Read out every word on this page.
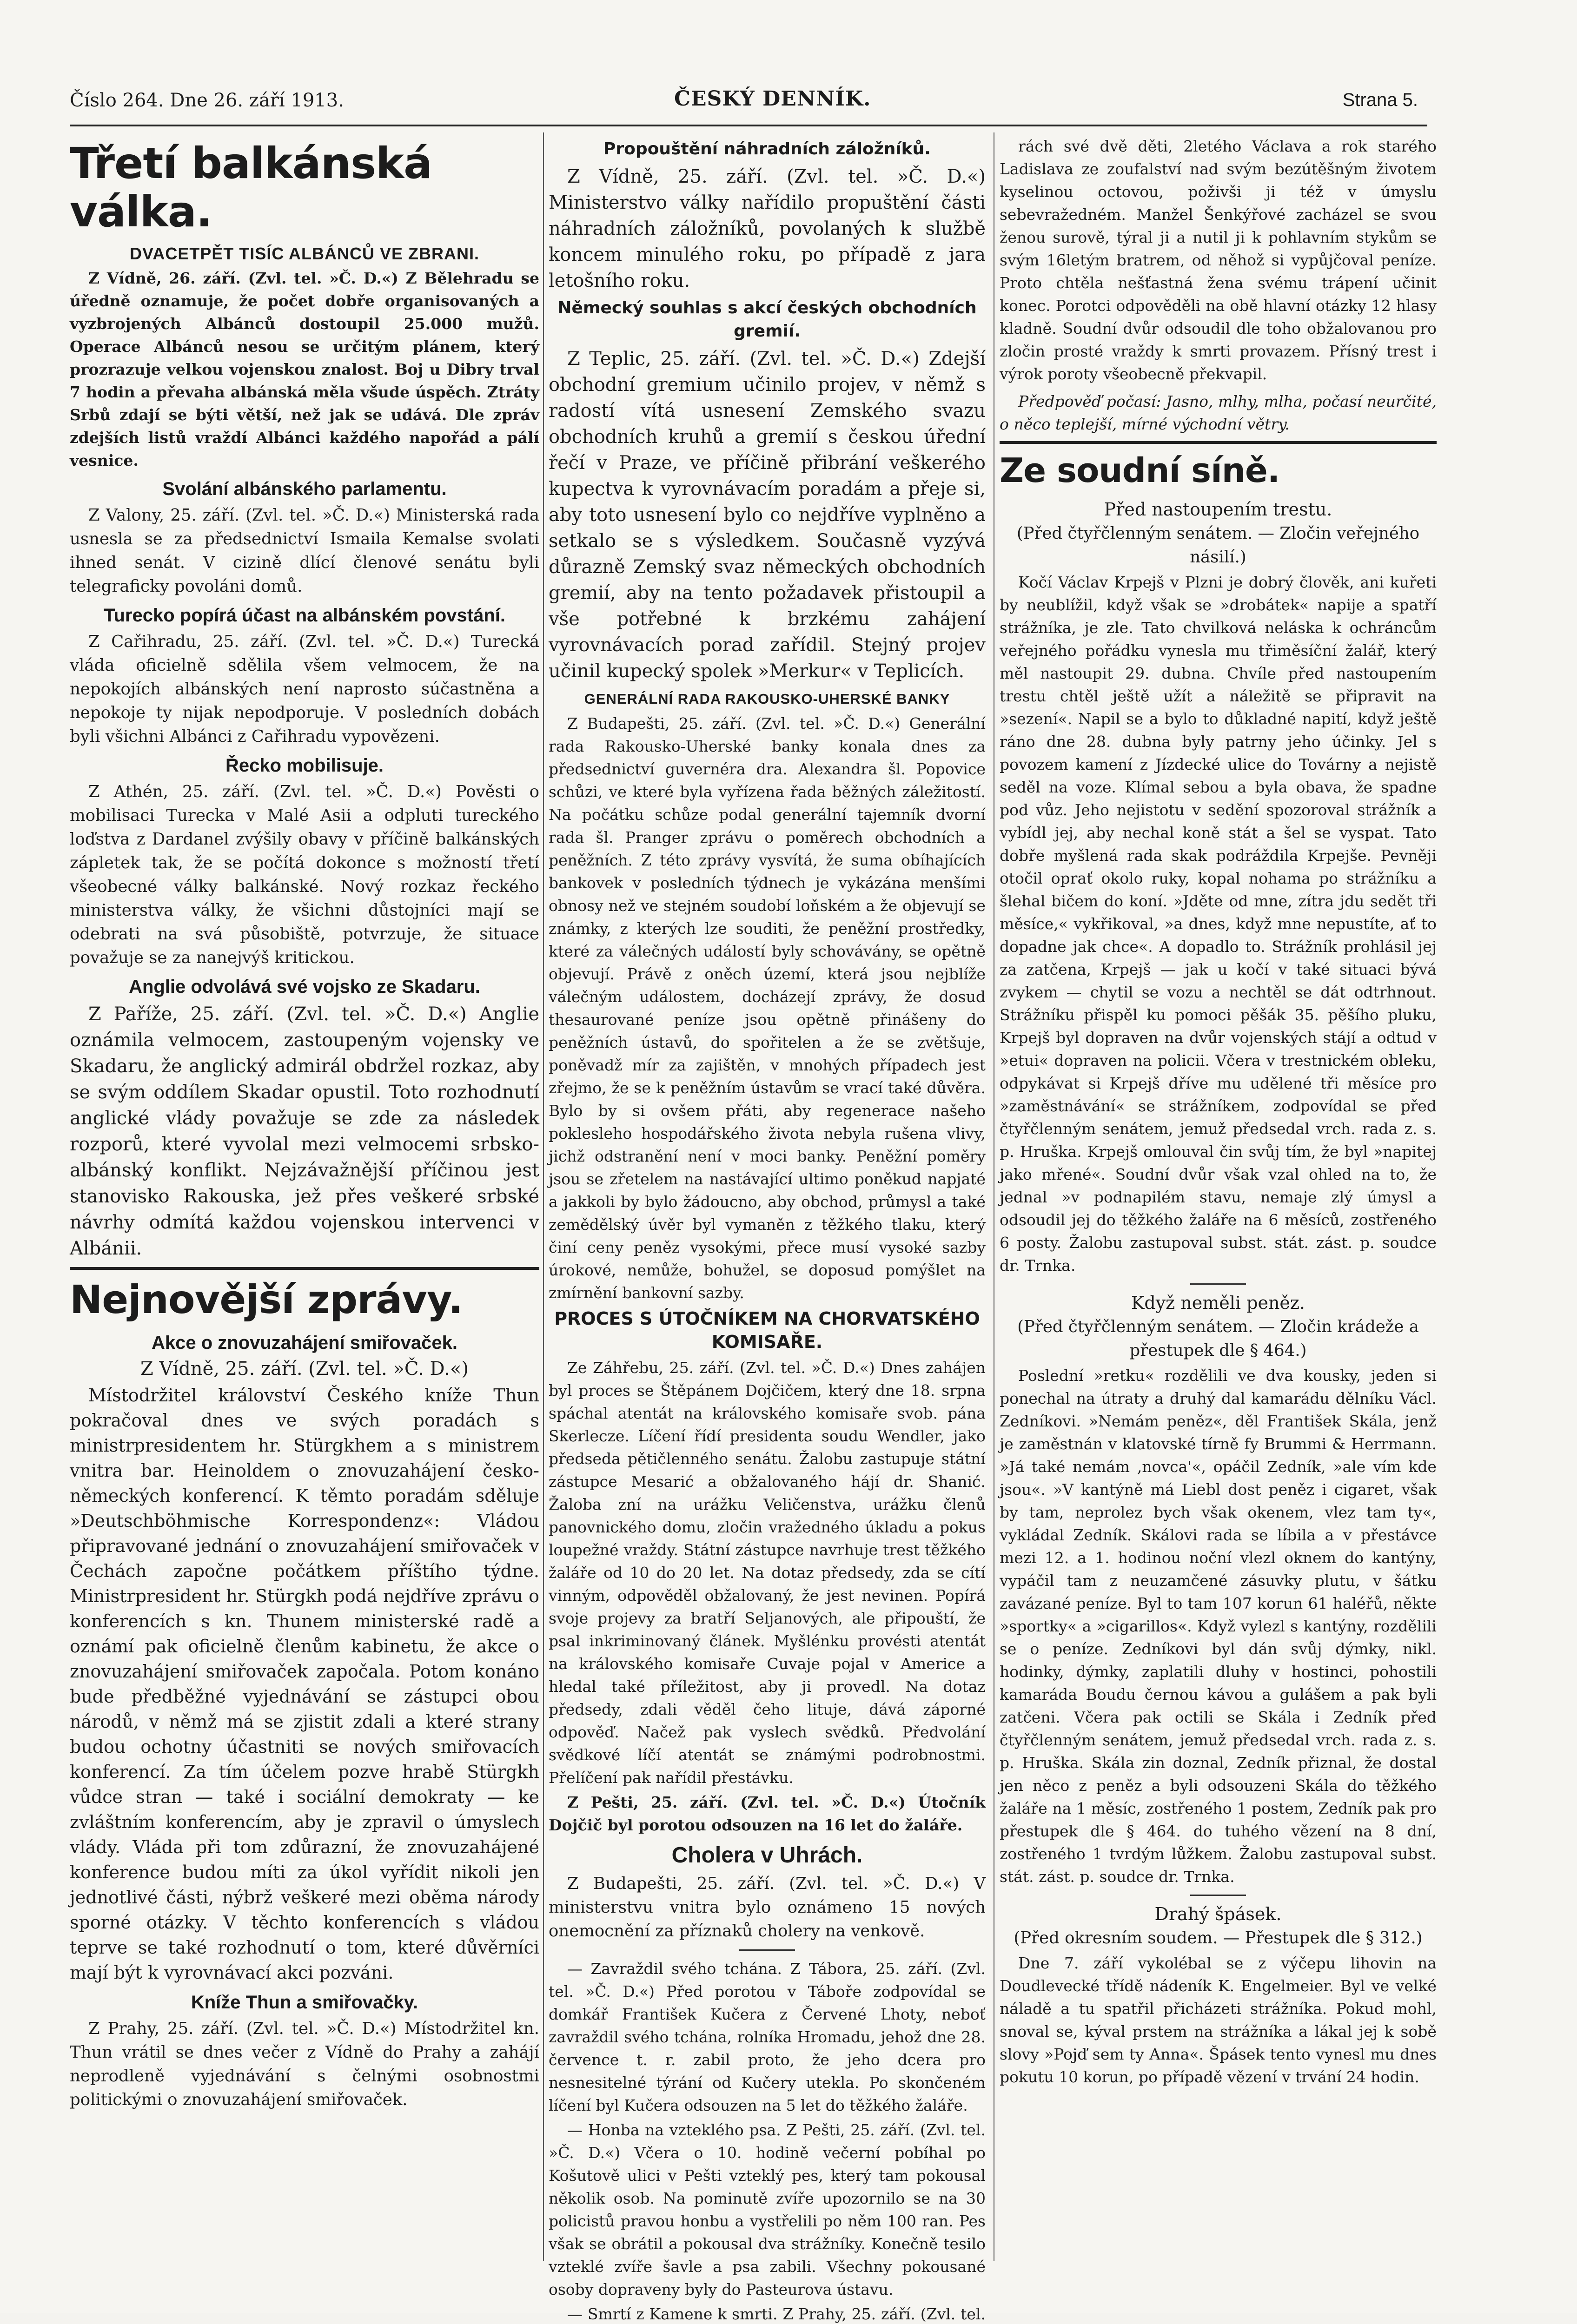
Číslo 264. Dne 26. září 1913.	ČESKÝ DENNÍK.	Strana 5.
Třetí balkánská válka.
DVACETPĚT TISÍC ALBÁNCŮ VE ZBRANI.

Z Vídně, 26. září. (Zvl. tel. »Č. D.«) Z Bělehradu se úředně oznamuje, že počet dobře organisovaných a vyzbrojených Albánců dostoupil 25.000 mužů. Operace Albánců nesou se určitým plánem, který prozrazuje velkou vojenskou znalost. Boj u Dibry trval 7 hodin a převaha albánská měla všude úspěch. Ztráty Srbů zdají se býti větší, než jak se udává. Dle zpráv zdejších listů vraždí Albánci každého napořád a pálí vesnice.

Svolání albánského parlamentu.

Z Valony, 25. září. (Zvl. tel. »Č. D.«) Ministerská rada usnesla se za předsednictví Ismaila Kemalse svolati ihned senát. V cizině dlící členové senátu byli telegraficky povoláni domů.

Turecko popírá účast na albánském povstání.

Z Cařihradu, 25. září. (Zvl. tel. »Č. D.«) Turecká vláda oficielně sdělila všem velmocem, že na nepokojích albánských není naprosto súčastněna a nepokoje ty nijak nepodporuje. V posledních dobách byli všichni Albánci z Cařihradu vypovězeni.

Řecko mobilisuje.

Z Athén, 25. září. (Zvl. tel. »Č. D.«) Pověsti o mobilisaci Turecka v Malé Asii a odpluti tureckého loďstva z Dardanel zvýšily obavy v příčině balkánských zápletek tak, že se počítá dokonce s možností třetí všeobecné války balkánské. Nový rozkaz řeckého ministerstva války, že všichni důstojníci mají se odebrati na svá působiště, potvrzuje, že situace považuje se za nanejvýš kritickou.

Anglie odvolává své vojsko ze Skadaru.

Z Paříže, 25. září. (Zvl. tel. »Č. D.«) Anglie oznámila velmocem, zastoupeným vojensky ve Skadaru, že anglický admirál obdržel rozkaz, aby se svým oddílem Skadar opustil. Toto rozhodnutí anglické vlády považuje se zde za následek rozporů, které vyvolal mezi velmocemi srbsko-albánský konflikt. Nejzávažnější příčinou jest stanovisko Rakouska, jež přes veškeré srbské návrhy odmítá každou vojenskou intervenci v Albánii.

Nejnovější zprávy.
Akce o znovuzahájení smiřovaček.

Z Vídně, 25. září. (Zvl. tel. »Č. D.«)

Místodržitel království Českého kníže Thun pokračoval dnes ve svých poradách s ministrpresidentem hr. Stürgkhem a s ministrem vnitra bar. Heinoldem o znovuzahájení česko-německých konferencí. K těmto poradám sděluje »Deutschböhmische Korrespondenz«: Vládou připravované jednání o znovuzahájení smiřovaček v Čechách započne počátkem příštího týdne. Ministrpresident hr. Stürgkh podá nejdříve zprávu o konferencích s kn. Thunem ministerské radě a oznámí pak oficielně členům kabinetu, že akce o znovuzahájení smiřovaček započala. Potom konáno bude předběžné vyjednávání se zástupci obou národů, v němž má se zjistit zdali a které strany budou ochotny účastniti se nových smiřovacích konferencí. Za tím účelem pozve hrabě Stürgkh vůdce stran — také i sociální demokraty — ke zvláštním konferencím, aby je zpravil o úmyslech vlády. Vláda při tom zdůrazní, že znovuzahájené konference budou míti za úkol vyřídit nikoli jen jednotlivé části, nýbrž veškeré mezi oběma národy sporné otázky. V těchto konferencích s vládou teprve se také rozhodnutí o tom, které důvěrníci mají být k vyrovnávací akci pozváni.

Kníže Thun a smiřovačky.

Z Prahy, 25. září. (Zvl. tel. »Č. D.«) Místodržitel kn. Thun vrátil se dnes večer z Vídně do Prahy a zahájí neprodleně vyjednávání s čelnými osobnostmi politickými o znovuzahájení smiřovaček.

Propouštění náhradních záložníků.

Z Vídně, 25. září. (Zvl. tel. »Č. D.«) Ministerstvo války nařídilo propuštění části náhradních záložníků, povolaných k službě koncem minulého roku, po případě z jara letošního roku.

Německý souhlas s akcí českých obchodních gremií.

Z Teplic, 25. září. (Zvl. tel. »Č. D.«) Zdejší obchodní gremium učinilo projev, v němž s radostí vítá usnesení Zemského svazu obchodních kruhů a gremií s českou úřední řečí v Praze, ve příčině přibrání veškerého kupectva k vyrovnávacím poradám a přeje si, aby toto usnesení bylo co nejdříve vyplněno a setkalo se s výsledkem. Současně vyzývá důrazně Zemský svaz německých obchodních gremií, aby na tento požadavek přistoupil a vše potřebné k brzkému zahájení vyrovnávacích porad zařídil. Stejný projev učinil kupecký spolek »Merkur« v Teplicích.

GENERÁLNÍ RADA RAKOUSKO-UHERSKÉ BANKY

Z Budapešti, 25. září. (Zvl. tel. »Č. D.«) Generální rada Rakousko-Uherské banky konala dnes za předsednictví guvernéra dra. Alexandra šl. Popovice schůzi, ve které byla vyřízena řada běžných záležitostí. Na počátku schůze podal generální tajemník dvorní rada šl. Pranger zprávu o poměrech obchodních a peněžních. Z této zprávy vysvítá, že suma obíhajících bankovek v posledních týdnech je vykázána menšími obnosy než ve stejném soudobí loňském a že objevují se známky, z kterých lze souditi, že peněžní prostředky, které za válečných událostí byly schovávány, se opětně objevují. Právě z oněch území, která jsou nejblíže válečným událostem, docházejí zprávy, že dosud thesaurované peníze jsou opětně přinášeny do peněžních ústavů, do spořitelen a že se zvětšuje, poněvadž mír za zajištěn, v mnohých případech jest zřejmo, že se k peněžním ústavům se vrací také důvěra. Bylo by si ovšem přáti, aby regenerace našeho poklesleho hospodářského života nebyla rušena vlivy, jichž odstranění není v moci banky. Peněžní poměry jsou se zřetelem na nastávající ultimo poněkud napjaté a jakkoli by bylo žádoucno, aby obchod, průmysl a také zemědělský úvěr byl vymaněn z těžkého tlaku, který činí ceny peněz vysokými, přece musí vysoké sazby úrokové, nemůže, bohužel, se doposud pomýšlet na zmírnění bankovní sazby.

PROCES S ÚTOČNÍKEM NA CHORVATSKÉHO KOMISAŘE.

Ze Záhřebu, 25. září. (Zvl. tel. »Č. D.«) Dnes zahájen byl proces se Štěpánem Dojčičem, který dne 18. srpna spáchal atentát na královského komisaře svob. pána Skerlecze. Líčení řídí presidenta soudu Wendler, jako předseda pětičlenného senátu. Žalobu zastupuje státní zástupce Mesarić a obžalovaného hájí dr. Shanić. Žaloba zní na urážku Veličenstva, urážku členů panovnického domu, zločin vražedného úkladu a pokus loupežné vraždy. Státní zástupce navrhuje trest těžkého žaláře od 10 do 20 let. Na dotaz předsedy, zda se cítí vinným, odpověděl obžalovaný, že jest nevinen. Popírá svoje projevy za bratří Seljanových, ale připouští, že psal inkriminovaný článek. Myšlénku provésti atentát na královského komisaře Cuvaje pojal v Americe a hledal také příležitost, aby ji provedl. Na dotaz předsedy, zdali věděl čeho lituje, dává záporné odpověď. Načež pak vyslech svědků. Předvolání svědkové líčí atentát se známými podrobnostmi. Přelíčení pak nařídil přestávku.

Z Pešti, 25. září. (Zvl. tel. »Č. D.«) Útočník Dojčič byl porotou odsouzen na 16 let do žaláře.

Cholera v Uhrách.

Z Budapešti, 25. září. (Zvl. tel. »Č. D.«) V ministerstvu vnitra bylo oznámeno 15 nových onemocnění za příznaků cholery na venkově.

— Zavraždil svého tchána. Z Tábora, 25. září. (Zvl. tel. »Č. D.«) Před porotou v Táboře zodpovídal se domkář František Kučera z Červené Lhoty, neboť zavraždil svého tchána, rolníka Hromadu, jehož dne 28. července t. r. zabil proto, že jeho dcera pro nesnesitelné týrání od Kučery utekla. Po skončeném líčení byl Kučera odsouzen na 5 let do těžkého žaláře.

— Honba na vzteklého psa. Z Pešti, 25. září. (Zvl. tel. »Č. D.«) Včera o 10. hodině večerní pobíhal po Košutově ulici v Pešti vzteklý pes, který tam pokousal několik osob. Na pominutě zvíře upozornilo se na 30 policistů pravou honbu a vystřelili po něm 100 ran. Pes však se obrátil a pokousal dva strážníky. Konečně tesilo vzteklé zvíře šavle a psa zabili. Všechny pokousané osoby dopraveny byly do Pasteurova ústavu.

— Smrtí z Kamene k smrti. Z Prahy, 25. září. (Zvl. tel.

rách své dvě děti, 2letého Václava a rok starého Ladislava ze zoufalství nad svým bezútěšným životem kyselinou octovou, poživši ji též v úmyslu sebevražedném. Manžel Šenkýřové zacházel se svou ženou surově, týral ji a nutil ji k pohlavním stykům se svým 16letým bratrem, od něhož si vypůjčoval peníze. Proto chtěla nešťastná žena svému trápení učinit konec. Porotci odpověděli na obě hlavní otázky 12 hlasy kladně. Soudní dvůr odsoudil dle toho obžalovanou pro zločin prosté vraždy k smrti provazem. Přísný trest i výrok poroty všeobecně překvapil.

Předpověď počasí: Jasno, mlhy, mlha, počasí neurčité, o něco teplejší, mírné východní větry.

Ze soudní síně.
Před nastoupením trestu.

(Před čtyřčlenným senátem. — Zločin veřejného násilí.)

Kočí Václav Krpejš v Plzni je dobrý člověk, ani kuřeti by neublížil, když však se »drobátek« napije a spatří strážníka, je zle. Tato chvilková neláska k ochráncům veřejného pořádku vynesla mu třiměsíční žalář, který měl nastoupit 29. dubna. Chvíle před nastoupením trestu chtěl ještě užít a náležitě se připravit na »sezení«. Napil se a bylo to důkladné napití, když ještě ráno dne 28. dubna byly patrny jeho účinky. Jel s povozem kamení z Jízdecké ulice do Továrny a nejistě seděl na voze. Klímal sebou a byla obava, že spadne pod vůz. Jeho nejistotu v sedění spozoroval strážník a vybídl jej, aby nechal koně stát a šel se vyspat. Tato dobře myšlená rada skak podráždila Krpejše. Pevněji otočil oprať okolo ruky, kopal nohama po strážníku a šlehal bičem do koní. »Jděte od mne, zítra jdu sedět tři měsíce,« vykřikoval, »a dnes, když mne nepustíte, ať to dopadne jak chce«. A dopadlo to. Strážník prohlásil jej za zatčena, Krpejš — jak u kočí v také situaci bývá zvykem — chytil se vozu a nechtěl se dát odtrhnout. Strážníku přispěl ku pomoci pěšák 35. pěšího pluku, Krpejš byl dopraven na dvůr vojenských stájí a odtud v »etui« dopraven na policii. Včera v trestnickém obleku, odpykávat si Krpejš dříve mu udělené tři měsíce pro »zaměstnávání« se strážníkem, zodpovídal se před čtyřčlenným senátem, jemuž předsedal vrch. rada z. s. p. Hruška. Krpejš omlouval čin svůj tím, že byl »napitej jako mřené«. Soudní dvůr však vzal ohled na to, že jednal »v podnapilém stavu, nemaje zlý úmysl a odsoudil jej do těžkého žaláře na 6 měsíců, zostřeného 6 posty. Žalobu zastupoval subst. stát. zást. p. soudce dr. Trnka.

Když neměli peněz.

(Před čtyřčlenným senátem. — Zločin krádeže a přestupek dle § 464.)

Poslední »retku« rozdělili ve dva kousky, jeden si ponechal na útraty a druhý dal kamarádu dělníku Václ. Zedníkovi. »Nemám peněz«, děl František Skála, jenž je zaměstnán v klatovské tírně fy Brummi & Herrmann. »Já také nemám ,novca'«, opáčil Zedník, »ale vím kde jsou«. »V kantýně má Liebl dost peněz i cigaret, však by tam, neprolez bych však okenem, vlez tam ty«, vykládal Zedník. Skálovi rada se líbila a v přestávce mezi 12. a 1. hodinou noční vlezl oknem do kantýny, vypáčil tam z neuzamčené zásuvky plutu, v šátku zavázané peníze. Byl to tam 107 korun 61 haléřů, někte »sportky« a »cigarillos«. Když vylezl s kantýny, rozdělili se o peníze. Zedníkovi byl dán svůj dýmky, nikl. hodinky, dýmky, zaplatili dluhy v hostinci, pohostili kamaráda Boudu černou kávou a gulášem a pak byli zatčeni. Včera pak octili se Skála i Zedník před čtyřčlenným senátem, jemuž předsedal vrch. rada z. s. p. Hruška. Skála zin doznal, Zedník přiznal, že dostal jen něco z peněz a byli odsouzeni Skála do těžkého žaláře na 1 měsíc, zostřeného 1 postem, Zedník pak pro přestupek dle § 464. do tuhého vězení na 8 dní, zostřeného 1 tvrdým lůžkem. Žalobu zastupoval subst. stát. zást. p. soudce dr. Trnka.

Drahý špásek.

(Před okresním soudem. — Přestupek dle § 312.)

Dne 7. září vykolébal se z výčepu lihovin na Doudlevecké třídě nádeník K. Engelmeier. Byl ve velké náladě a tu spatřil přicházeti strážníka. Pokud mohl, snoval se, kýval prstem na strážníka a lákal jej k sobě slovy »Pojď sem ty Anna«. Špásek tento vynesl mu dnes pokutu 10 korun, po případě vězení v trvání 24 hodin.
